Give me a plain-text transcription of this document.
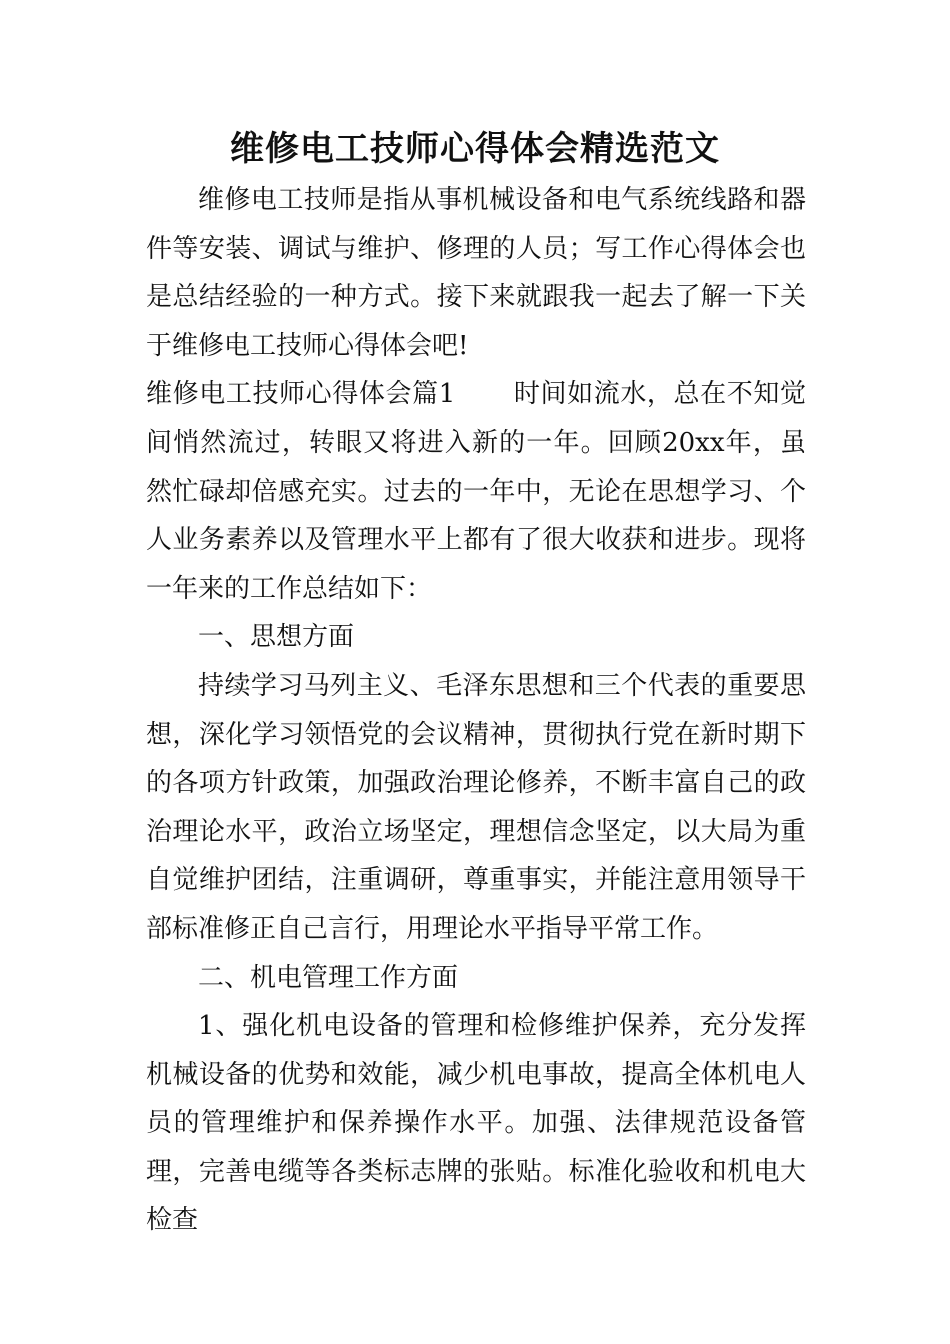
维修电工技师心得体会精选范文

维修电工技师是指从事机械设备和电气系统线路和器件等安装、调试与维护、修理的人员；写工作心得体会也是总结经验的一种方式。接下来就跟我一起去了解一下关于维修电工技师心得体会吧!

维修电工技师心得体会篇1 时间如流水，总在不知觉间悄然流过，转眼又将进入新的一年。回顾20xx年，虽然忙碌却倍感充实。过去的一年中，无论在思想学习、个人业务素养以及管理水平上都有了很大收获和进步。现将一年来的工作总结如下：

一、思想方面

持续学习马列主义、毛泽东思想和三个代表的重要思想，深化学习领悟党的会议精神，贯彻执行党在新时期下的各项方针政策，加强政治理论修养，不断丰富自己的政治理论水平，政治立场坚定，理想信念坚定，以大局为重自觉维护团结，注重调研，尊重事实，并能注意用领导干部标准修正自己言行，用理论水平指导平常工作。

二、机电管理工作方面

1、强化机电设备的管理和检修维护保养，充分发挥机械设备的优势和效能，减少机电事故，提高全体机电人员的管理维护和保养操作水平。加强、法律规范设备管理，完善电缆等各类标志牌的张贴。标准化验收和机电大检查
